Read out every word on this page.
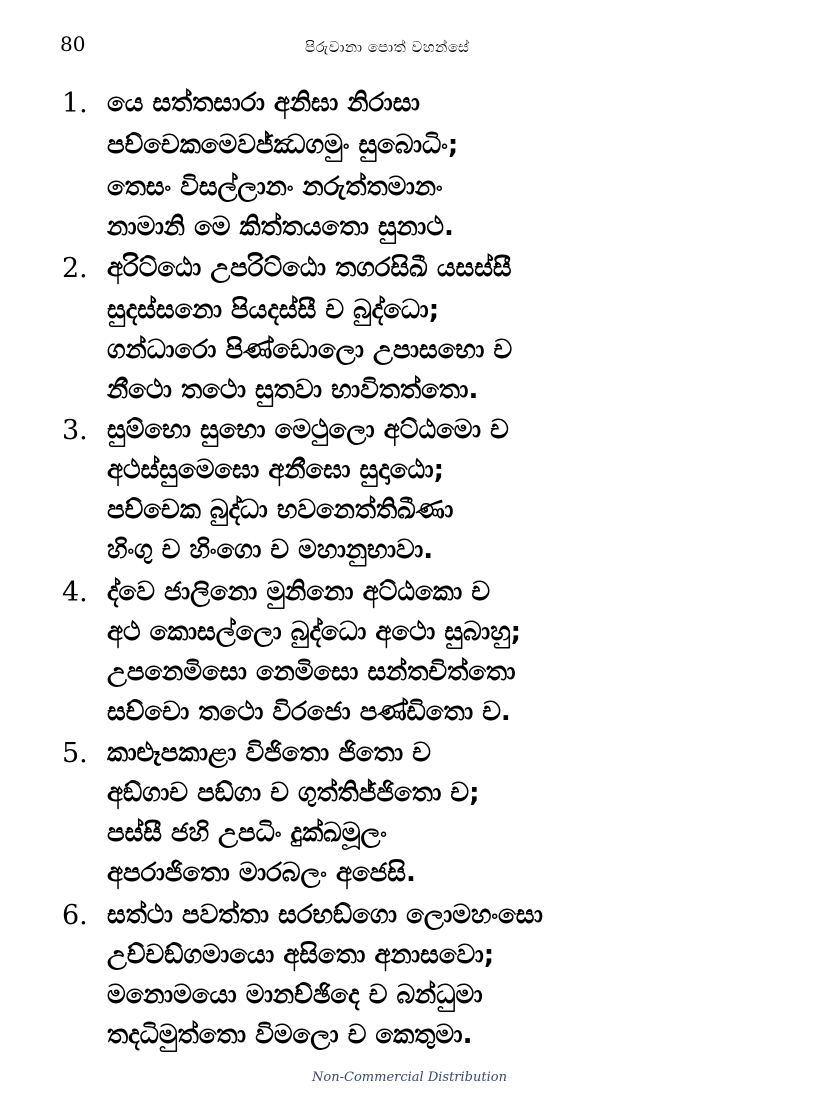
80	පිරුවානා පොත් වහන්සේ
1. යෙ සත්තසාරා අනිඝා නිරාසා
පච්චෙකමෙවජ්ඣගමුං සුබොධිං;
තෙසං විසල්ලානං නරුත්තමානං
නාමානි මෙ කිත්තයතො සුනාථ.
2. අරිට්ඨො උපරිට්ඨො තගරසිඛී යසස්සී
සුදස්සනො පියදස්සී ච බුද්ධො;
ගන්ධාරො පිණ්ඩොලො උපාසභො ච
නීථො තථො සුතවා භාවිතත්තො.
3. සුම්භො සුභො මෙථුලො අට්ඨමො ච
අථස්සුමෙඝො අනීඝො සුදාඨො;
පච්චෙක බුද්ධා භවනෙත්තිඛීණා
හිංගු ච හිංගො ච මහානුභාවා.
4. ද්වෙ ජාලිනො මුනිනො අට්ඨකො ච
අථ කොසල්ලො බුද්ධො අථො සුබාහු;
උපනෙමිසො නෙමිසො සන්තචිත්තො
සච්චො තථො විරජො පණ්ඩිතො ච.
5. කාළූපකාළා විජිතො ජිතො ච
අඞ්ගාච පඞ්ගා ච ගුත්තිජ්ජිතො ච;
පස්සී ජහි උපධිං දුක්ඛමූලං
අපරාජිතො මාරබලං අජෙසි.
6. සත්ථා පවත්තා සරභඞ්ගො ලොමහංසො
උච්චඞ්ගමායො අසිතො අනාසවො;
මනොමයො මානච්ඡිදෙ ච බන්ධුමා
තදධිමුත්තො විමලො ච කෙතුමා.
Non-Commercial Distribution
